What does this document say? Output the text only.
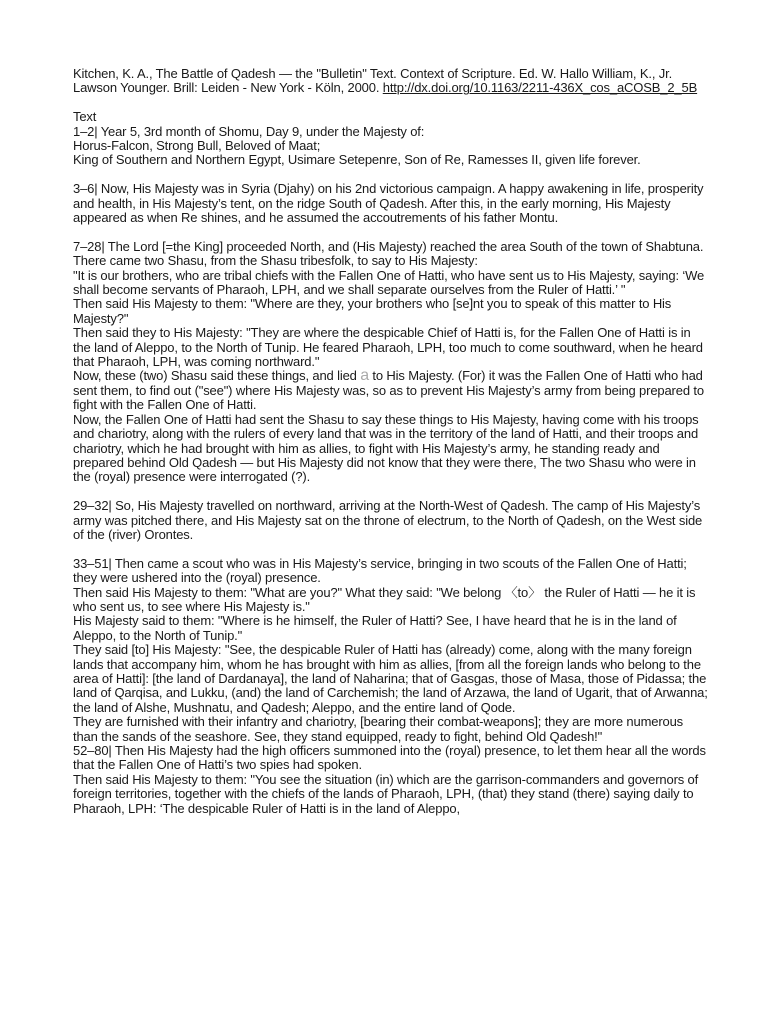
Kitchen, K. A., The Battle of Qadesh — the "Bulletin" Text. Context of Scripture. Ed. W. Hallo William, K., Jr. Lawson Younger. Brill: Leiden - New York - Köln, 2000. http://dx.doi.org/10.1163/2211-436X_cos_aCOSB_2_5B

Text

1–2| Year 5, 3rd month of Shomu, Day 9, under the Majesty of:

Horus-Falcon, Strong Bull, Beloved of Maat;

King of Southern and Northern Egypt, Usimare Setepenre, Son of Re, Ramesses II, given life forever.

3–6| Now, His Majesty was in Syria (Djahy) on his 2nd victorious campaign. A happy awakening in life, prosperity and health, in His Majesty’s tent, on the ridge South of Qadesh. After this, in the early morning, His Majesty appeared as when Re shines, and he assumed the accoutrements of his father Montu.

7–28| The Lord [=the King] proceeded North, and (His Majesty) reached the area South of the town of Shabtuna. There came two Shasu, from the Shasu tribesfolk, to say to His Majesty:

"It is our brothers, who are tribal chiefs with the Fallen One of Hatti, who have sent us to His Majesty, saying: ‘We shall become servants of Pharaoh, LPH, and we shall separate ourselves from the Ruler of Hatti.’ "

Then said His Majesty to them: "Where are they, your brothers who [se]nt you to speak of this matter to His Majesty?"

Then said they to His Majesty: "They are where the despicable Chief of Hatti is, for the Fallen One of Hatti is in the land of Aleppo, to the North of Tunip. He feared Pharaoh, LPH, too much to come southward, when he heard that Pharaoh, LPH, was coming northward."

Now, these (two) Shasu said these things, and lied a to His Majesty. (For) it was the Fallen One of Hatti who had sent them, to find out ("see") where His Majesty was, so as to prevent His Majesty’s army from being prepared to fight with the Fallen One of Hatti.

Now, the Fallen One of Hatti had sent the Shasu to say these things to His Majesty, having come with his troops and chariotry, along with the rulers of every land that was in the territory of the land of Hatti, and their troops and chariotry, which he had brought with him as allies, to fight with His Majesty’s army, he standing ready and prepared behind Old Qadesh — but His Majesty did not know that they were there, The two Shasu who were in the (royal) presence were interrogated (?).

29–32| So, His Majesty travelled on northward, arriving at the North-West of Qadesh. The camp of His Majesty’s army was pitched there, and His Majesty sat on the throne of electrum, to the North of Qadesh, on the West side of the (river) Orontes.

33–51| Then came a scout who was in His Majesty’s service, bringing in two scouts of the Fallen One of Hatti; they were ushered into the (royal) presence.

Then said His Majesty to them: "What are you?" What they said: "We belong 〈to〉 the Ruler of Hatti — he it is who sent us, to see where His Majesty is."

His Majesty said to them: "Where is he himself, the Ruler of Hatti? See, I have heard that he is in the land of Aleppo, to the North of Tunip."

They said [to] His Majesty: "See, the despicable Ruler of Hatti has (already) come, along with the many foreign lands that accompany him, whom he has brought with him as allies, [from all the foreign lands who belong to the area of Hatti]: [the land of Dardanaya], the land of Naharina; that of Gasgas, those of Masa, those of Pidassa; the land of Qarqisa, and Lukku, (and) the land of Carchemish; the land of Arzawa, the land of Ugarit, that of Arwanna; the land of Alshe, Mushnatu, and Qadesh; Aleppo, and the entire land of Qode.

They are furnished with their infantry and chariotry, [bearing their combat-weapons]; they are more numerous than the sands of the seashore. See, they stand equipped, ready to fight, behind Old Qadesh!"

52–80| Then His Majesty had the high officers summoned into the (royal) presence, to let them hear all the words that the Fallen One of Hatti’s two spies had spoken.

Then said His Majesty to them: "You see the situation (in) which are the garrison-commanders and governors of foreign territories, together with the chiefs of the lands of Pharaoh, LPH, (that) they stand (there) saying daily to Pharaoh, LPH: ‘The despicable Ruler of Hatti is in the land of Aleppo,
